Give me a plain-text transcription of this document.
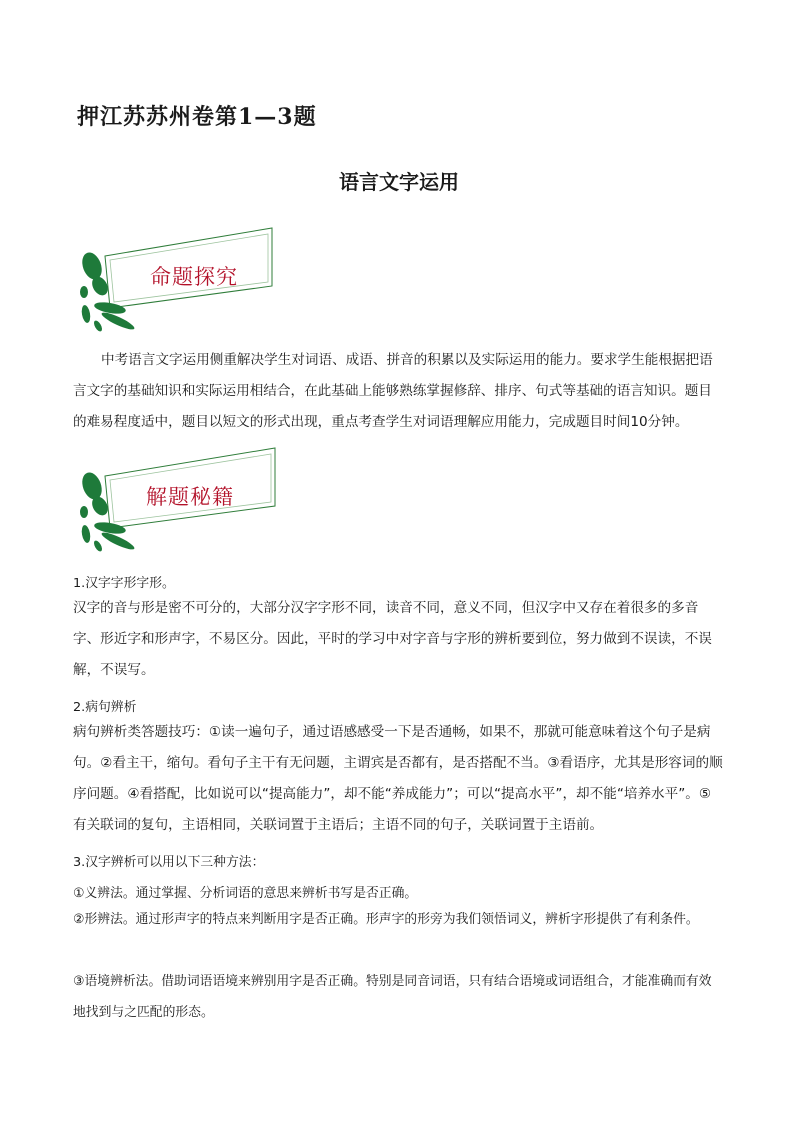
押江苏苏州卷第1—3题
语言文字运用
命题探究

中考语言文字运用侧重解决学生对词语、成语、拼音的积累以及实际运用的能力。要求学生能根据把语言文字的基础知识和实际运用相结合，在此基础上能够熟练掌握修辞、排序、句式等基础的语言知识。题目的难易程度适中，题目以短文的形式出现，重点考查学生对词语理解应用能力，完成题目时间10分钟。

解题秘籍

1.汉字字形字形。

汉字的音与形是密不可分的，大部分汉字字形不同，读音不同，意义不同，但汉字中又存在着很多的多音字、形近字和形声字，不易区分。因此，平时的学习中对字音与字形的辨析要到位，努力做到不误读，不误解，不误写。

2.病句辨析

病句辨析类答题技巧：①读一遍句子，通过语感感受一下是否通畅，如果不，那就可能意味着这个句子是病句。②看主干，缩句。看句子主干有无问题，主谓宾是否都有，是否搭配不当。③看语序，尤其是形容词的顺序问题。④看搭配，比如说可以“提高能力”，却不能“养成能力”；可以“提高水平”，却不能“培养水平”。⑤有关联词的复句，主语相同，关联词置于主语后；主语不同的句子，关联词置于主语前。

3.汉字辨析可以用以下三种方法：

①义辨法。通过掌握、分析词语的意思来辨析书写是否正确。

②形辨法。通过形声字的特点来判断用字是否正确。形声字的形旁为我们领悟词义，辨析字形提供了有利条件。

③语境辨析法。借助词语语境来辨别用字是否正确。特别是同音词语，只有结合语境或词语组合，才能准确而有效地找到与之匹配的形态。
